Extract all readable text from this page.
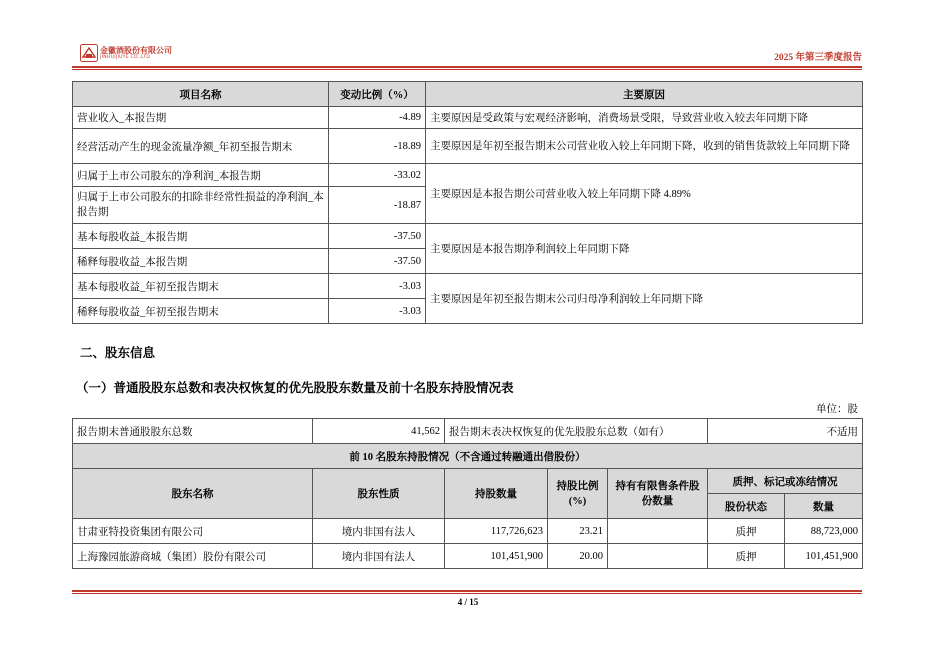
金徽酒股份有限公司
JINHUIJIUYE CO.,LTD	2025 年第三季度报告
项目名称	变动比例（%）	主要原因
营业收入_本报告期	-4.89	主要原因是受政策与宏观经济影响，消费场景受限，导致营业收入较去年同期下降
经营活动产生的现金流量净额_年初至报告期末	-18.89	主要原因是年初至报告期末公司营业收入较上年同期下降，收到的销售货款较上年同期下降
归属于上市公司股东的净利润_本报告期	-33.02	主要原因是本报告期公司营业收入较上年同期下降 4.89%
归属于上市公司股东的扣除非经常性损益的净利润_本报告期	-18.87	
基本每股收益_本报告期	-37.50	主要原因是本报告期净利润较上年同期下降
稀释每股收益_本报告期	-37.50	
基本每股收益_年初至报告期末	-3.03	主要原因是年初至报告期末公司归母净利润较上年同期下降
稀释每股收益_年初至报告期末	-3.03	
二、股东信息
（一）普通股股东总数和表决权恢复的优先股股东数量及前十名股东持股情况表
单位：股
报告期末普通股股东总数	41,562	报告期末表决权恢复的优先股股东总数（如有）			不适用	
前 10 名股东持股情况（不含通过转融通出借股份）						
股东名称	股东性质	持股数量	持股比例(%)	持有有限售条件股份数量	质押、标记或冻结情况	
					股份状态	数量
甘肃亚特投资集团有限公司	境内非国有法人	117,726,623	23.21		质押	88,723,000
上海豫园旅游商城（集团）股份有限公司	境内非国有法人	101,451,900	20.00		质押	101,451,900
4 / 15
